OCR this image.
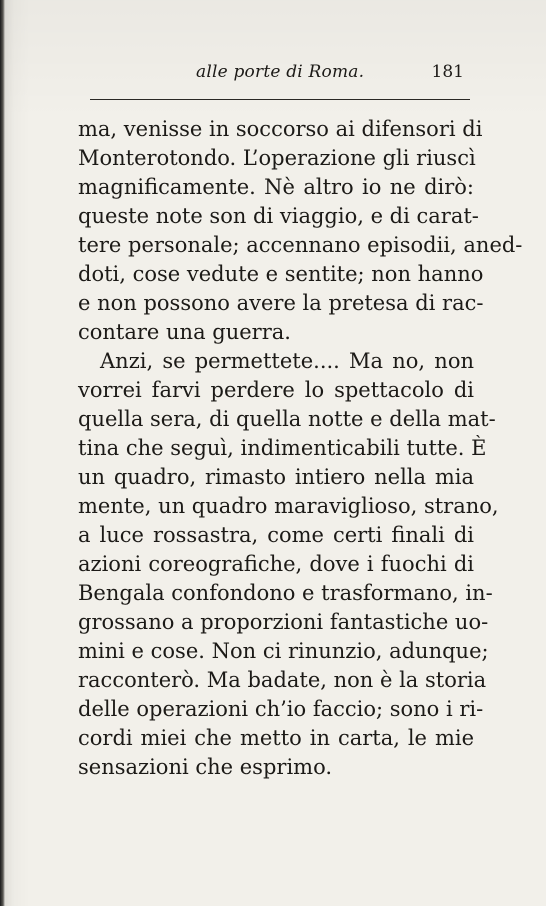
alle porte di Roma.	181
ma, venisse in soccorso ai difensori di
Monterotondo. L’operazione gli riuscì
magnificamente. Nè altro io ne dirò:
queste note son di viaggio, e di carat-
tere personale; accennano episodii, aned-
doti, cose vedute e sentite; non hanno
e non possono avere la pretesa di rac-
contare una guerra.
Anzi, se permettete.... Ma no, non
vorrei farvi perdere lo spettacolo di
quella sera, di quella notte e della mat-
tina che seguì, indimenticabili tutte. È
un quadro, rimasto intiero nella mia
mente, un quadro maraviglioso, strano,
a luce rossastra, come certi finali di
azioni coreografiche, dove i fuochi di
Bengala confondono e trasformano, in-
grossano a proporzioni fantastiche uo-
mini e cose. Non ci rinunzio, adunque;
racconterò. Ma badate, non è la storia
delle operazioni ch’io faccio; sono i ri-
cordi miei che metto in carta, le mie
sensazioni che esprimo.
